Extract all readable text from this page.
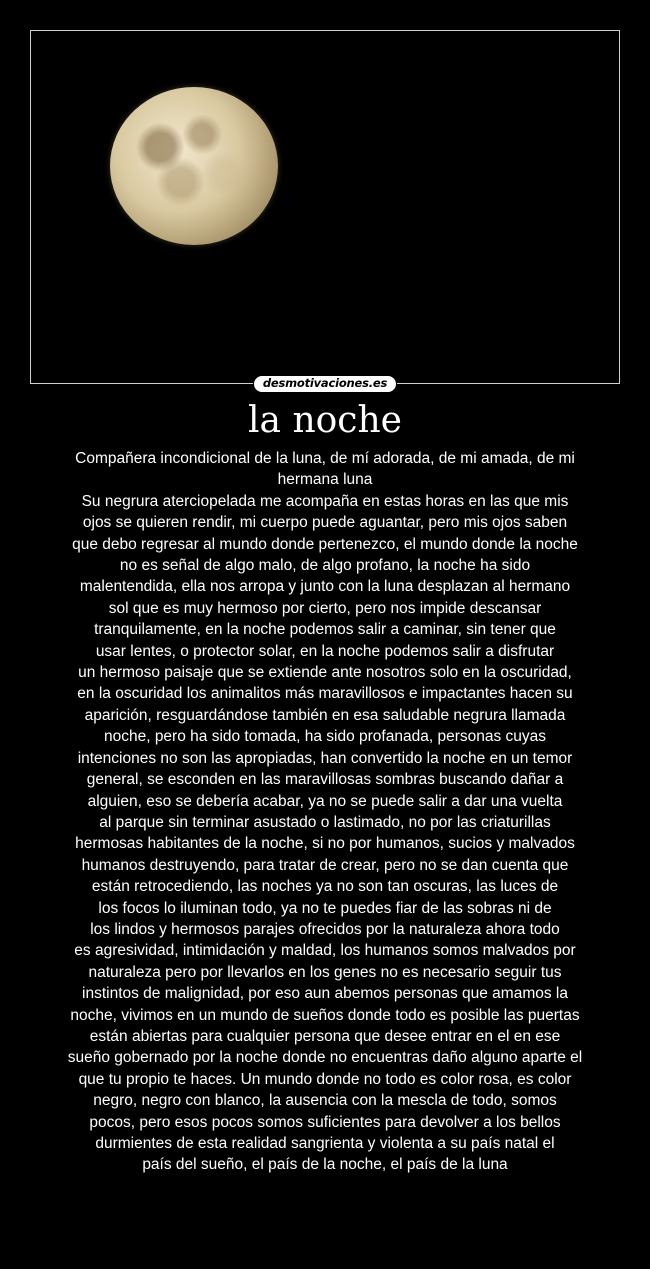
desmotivaciones.es
la noche
Compañera incondicional de la luna, de mí adorada, de mi amada, de mi
hermana luna
Su negrura aterciopelada me acompaña en estas horas en las que mis
ojos se quieren rendir, mi cuerpo puede aguantar, pero mis ojos saben
que debo regresar al mundo donde pertenezco, el mundo donde la noche
no es señal de algo malo, de algo profano, la noche ha sido
malentendida, ella nos arropa y junto con la luna desplazan al hermano
sol que es muy hermoso por cierto, pero nos impide descansar
tranquilamente, en la noche podemos salir a caminar, sin tener que
usar lentes, o protector solar, en la noche podemos salir a disfrutar
un hermoso paisaje que se extiende ante nosotros solo en la oscuridad,
en la oscuridad los animalitos más maravillosos e impactantes hacen su
aparición, resguardándose también en esa saludable negrura llamada
noche, pero ha sido tomada, ha sido profanada, personas cuyas
intenciones no son las apropiadas, han convertido la noche en un temor
general, se esconden en las maravillosas sombras buscando dañar a
alguien, eso se debería acabar, ya no se puede salir a dar una vuelta
al parque sin terminar asustado o lastimado, no por las criaturillas
hermosas habitantes de la noche, si no por humanos, sucios y malvados
humanos destruyendo, para tratar de crear, pero no se dan cuenta que
están retrocediendo, las noches ya no son tan oscuras, las luces de
los focos lo iluminan todo, ya no te puedes fiar de las sobras ni de
los lindos y hermosos parajes ofrecidos por la naturaleza ahora todo
es agresividad, intimidación y maldad, los humanos somos malvados por
naturaleza pero por llevarlos en los genes no es necesario seguir tus
instintos de malignidad, por eso aun abemos personas que amamos la
noche, vivimos en un mundo de sueños donde todo es posible las puertas
están abiertas para cualquier persona que desee entrar en el en ese
sueño gobernado por la noche donde no encuentras daño alguno aparte el
que tu propio te haces. Un mundo donde no todo es color rosa, es color
negro, negro con blanco, la ausencia con la mescla de todo, somos
pocos, pero esos pocos somos suficientes para devolver a los bellos
durmientes de esta realidad sangrienta y violenta a su país natal el
país del sueño, el país de la noche, el país de la luna
